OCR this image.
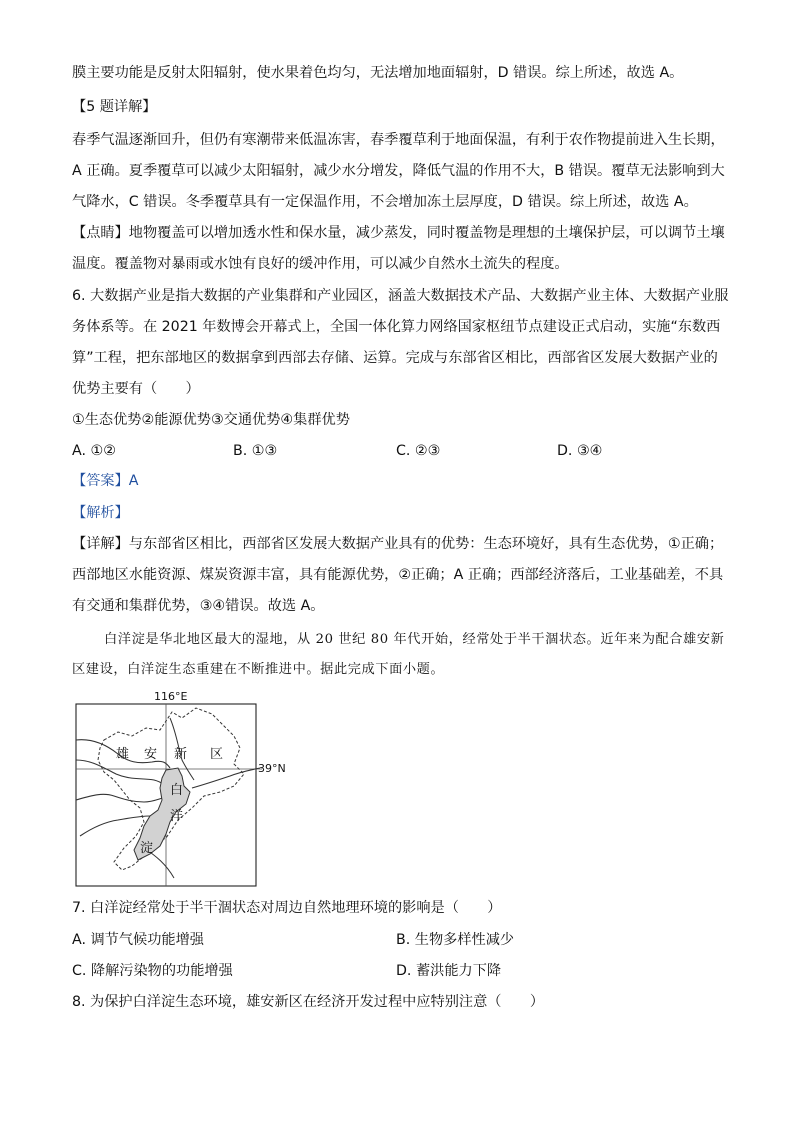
膜主要功能是反射太阳辐射，使水果着色均匀，无法增加地面辐射，D 错误。综上所述，故选 A。
【5 题详解】
春季气温逐渐回升，但仍有寒潮带来低温冻害，春季覆草利于地面保温，有利于农作物提前进入生长期，
A 正确。夏季覆草可以减少太阳辐射，减少水分增发，降低气温的作用不大，B 错误。覆草无法影响到大
气降水，C 错误。冬季覆草具有一定保温作用，不会增加冻土层厚度，D 错误。综上所述，故选 A。
【点睛】地物覆盖可以增加透水性和保水量，减少蒸发，同时覆盖物是理想的土壤保护层，可以调节土壤
温度。覆盖物对暴雨或水蚀有良好的缓冲作用，可以减少自然水土流失的程度。
6. 大数据产业是指大数据的产业集群和产业园区，涵盖大数据技术产品、大数据产业主体、大数据产业服
务体系等。在 2021 年数博会开幕式上，全国一体化算力网络国家枢纽节点建设正式启动，实施“东数西
算”工程，把东部地区的数据拿到西部去存储、运算。完成与东部省区相比，西部省区发展大数据产业的
优势主要有（　　）
①生态优势②能源优势③交通优势④集群优势
A. ①②	B. ①③	C. ②③	D. ③④
【答案】A
【解析】
【详解】与东部省区相比，西部省区发展大数据产业具有的优势：生态环境好，具有生态优势，①正确；
西部地区水能资源、煤炭资源丰富，具有能源优势，②正确；A 正确；西部经济落后，工业基础差，不具
有交通和集群优势，③④错误。故选 A。
白洋淀是华北地区最大的湿地，从 20 世纪 80 年代开始，经常处于半干涸状态。近年来为配合雄安新
区建设，白洋淀生态重建在不断推进中。据此完成下面小题。
116°E
39°N
雄 安 新 区
白
洋
淀
7. 白洋淀经常处于半干涸状态对周边自然地理环境的影响是（　　）
A. 调节气候功能增强	B. 生物多样性减少
C. 降解污染物的功能增强	D. 蓄洪能力下降
8. 为保护白洋淀生态环境，雄安新区在经济开发过程中应特别注意（　　）
